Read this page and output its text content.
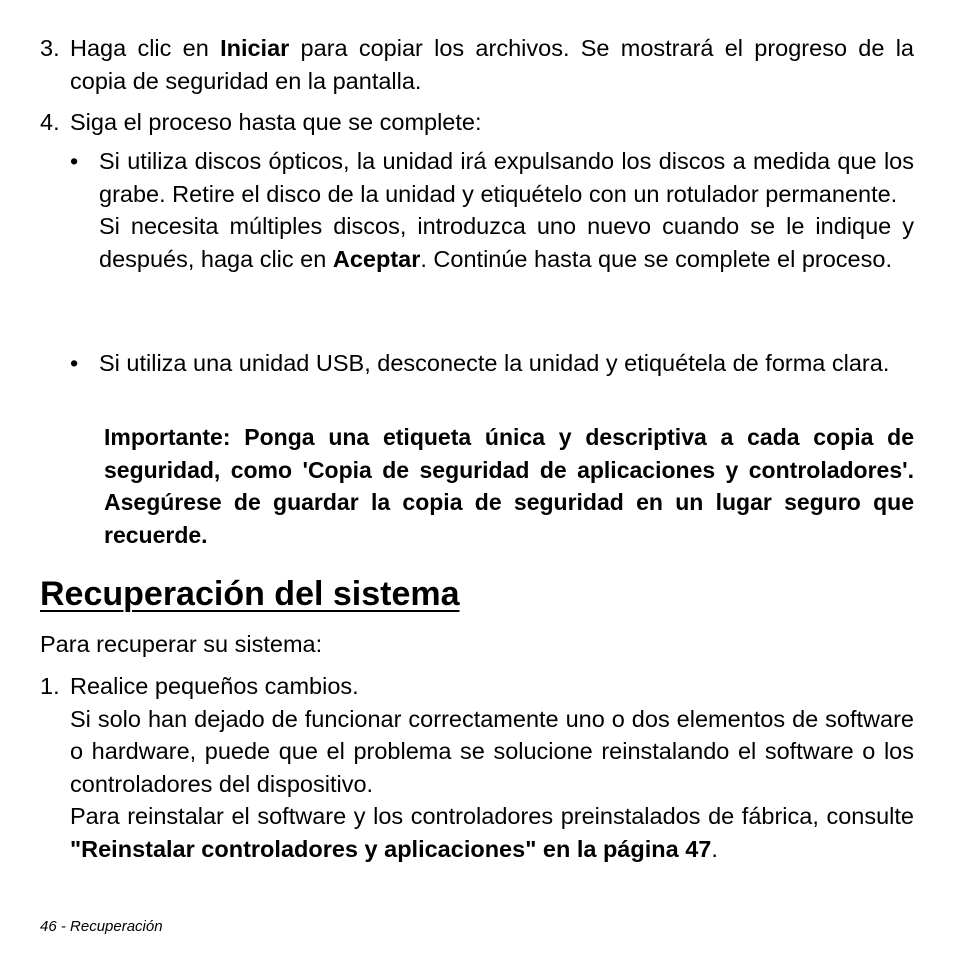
3. Haga clic en Iniciar para copiar los archivos. Se mostrará el progreso de la copia de seguridad en la pantalla.

4. Siga el proceso hasta que se complete:

• Si utiliza discos ópticos, la unidad irá expulsando los discos a medida que los grabe. Retire el disco de la unidad y etiquételo con un rotulador permanente.

Si necesita múltiples discos, introduzca uno nuevo cuando se le indique y después, haga clic en Aceptar. Continúe hasta que se complete el proceso.

• Si utiliza una unidad USB, desconecte la unidad y etiquétela de forma clara.

Importante: Ponga una etiqueta única y descriptiva a cada copia de seguridad, como 'Copia de seguridad de aplicaciones y controladores'. Asegúrese de guardar la copia de seguridad en un lugar seguro que recuerde.

Recuperación del sistema

Para recuperar su sistema:

1. Realice pequeños cambios.

Si solo han dejado de funcionar correctamente uno o dos elementos de software o hardware, puede que el problema se solucione reinstalando el software o los controladores del dispositivo.

Para reinstalar el software y los controladores preinstalados de fábrica, consulte "Reinstalar controladores y aplicaciones" en la página 47.

46 - Recuperación
